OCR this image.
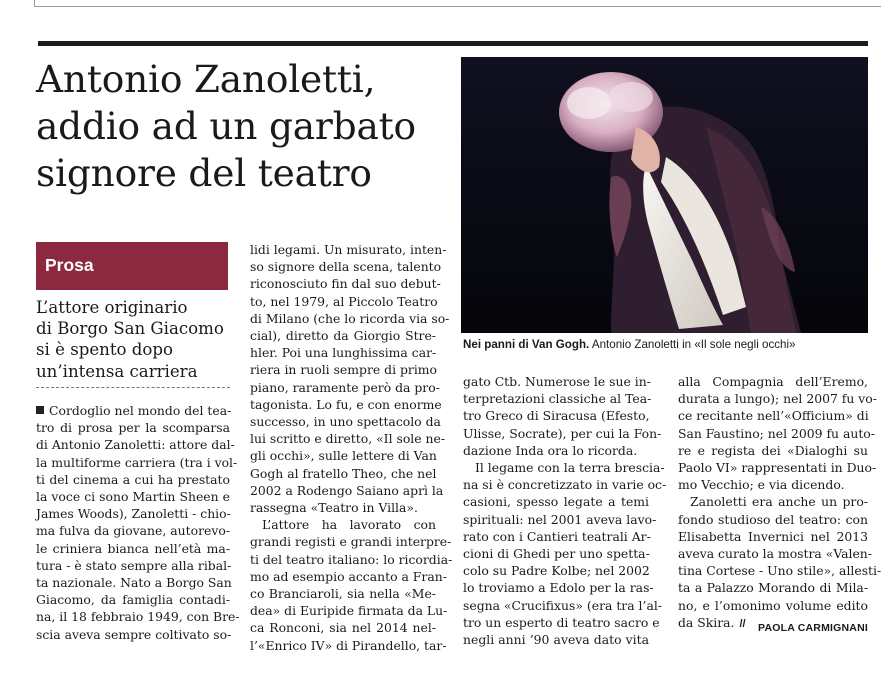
Antonio Zanoletti,
addio ad un garbato
signore del teatro
Nei panni di Van Gogh. Antonio Zanoletti in «Il sole negli occhi»
Prosa
L’attore originario
di Borgo San Giacomo
si è spento dopo
un’intensa carriera
Cordoglio nel mondo del tea-
tro di prosa per la scomparsa
di Antonio Zanoletti: attore dal-
la multiforme carriera (tra i vol-
ti del cinema a cui ha prestato
la voce ci sono Martin Sheen e
James Woods), Zanoletti - chio-
ma fulva da giovane, autorevo-
le criniera bianca nell’età ma-
tura - è stato sempre alla ribal-
ta nazionale. Nato a Borgo San
Giacomo, da famiglia contadi-
na, il 18 febbraio 1949, con Bre-
scia aveva sempre coltivato so-
lidi legami. Un misurato, inten-
so signore della scena, talento
riconosciuto fin dal suo debut-
to, nel 1979, al Piccolo Teatro
di Milano (che lo ricorda via so-
cial), diretto da Giorgio Stre-
hler. Poi una lunghissima car-
riera in ruoli sempre di primo
piano, raramente però da pro-
tagonista. Lo fu, e con enorme
successo, in uno spettacolo da
lui scritto e diretto, «Il sole ne-
gli occhi», sulle lettere di Van
Gogh al fratello Theo, che nel
2002 a Rodengo Saiano aprì la
rassegna «Teatro in Villa».
L’attore ha lavorato con
grandi registi e grandi interpre-
ti del teatro italiano: lo ricordia-
mo ad esempio accanto a Fran-
co Branciaroli, sia nella «Me-
dea» di Euripide firmata da Lu-
ca Ronconi, sia nel 2014 nel-
l’«Enrico IV» di Pirandello, tar-
gato Ctb. Numerose le sue in-
terpretazioni classiche al Tea-
tro Greco di Siracusa (Efesto,
Ulisse, Socrate), per cui la Fon-
dazione Inda ora lo ricorda.
Il legame con la terra brescia-
na si è concretizzato in varie oc-
casioni, spesso legate a temi
spirituali: nel 2001 aveva lavo-
rato con i Cantieri teatrali Ar-
cioni di Ghedi per uno spetta-
colo su Padre Kolbe; nel 2002
lo troviamo a Edolo per la ras-
segna «Crucifixus» (era tra l’al-
tro un esperto di teatro sacro e
negli anni ’90 aveva dato vita
alla Compagnia dell’Eremo,
durata a lungo); nel 2007 fu vo-
ce recitante nell’«Officium» di
San Faustino; nel 2009 fu auto-
re e regista dei «Dialoghi su
Paolo VI» rappresentati in Duo-
mo Vecchio; e via dicendo.
Zanoletti era anche un pro-
fondo studioso del teatro: con
Elisabetta Invernici nel 2013
aveva curato la mostra «Valen-
tina Cortese - Uno stile», allesti-
ta a Palazzo Morando di Mila-
no, e l’omonimo volume edito
da Skira. //	PAOLA CARMIGNANI
